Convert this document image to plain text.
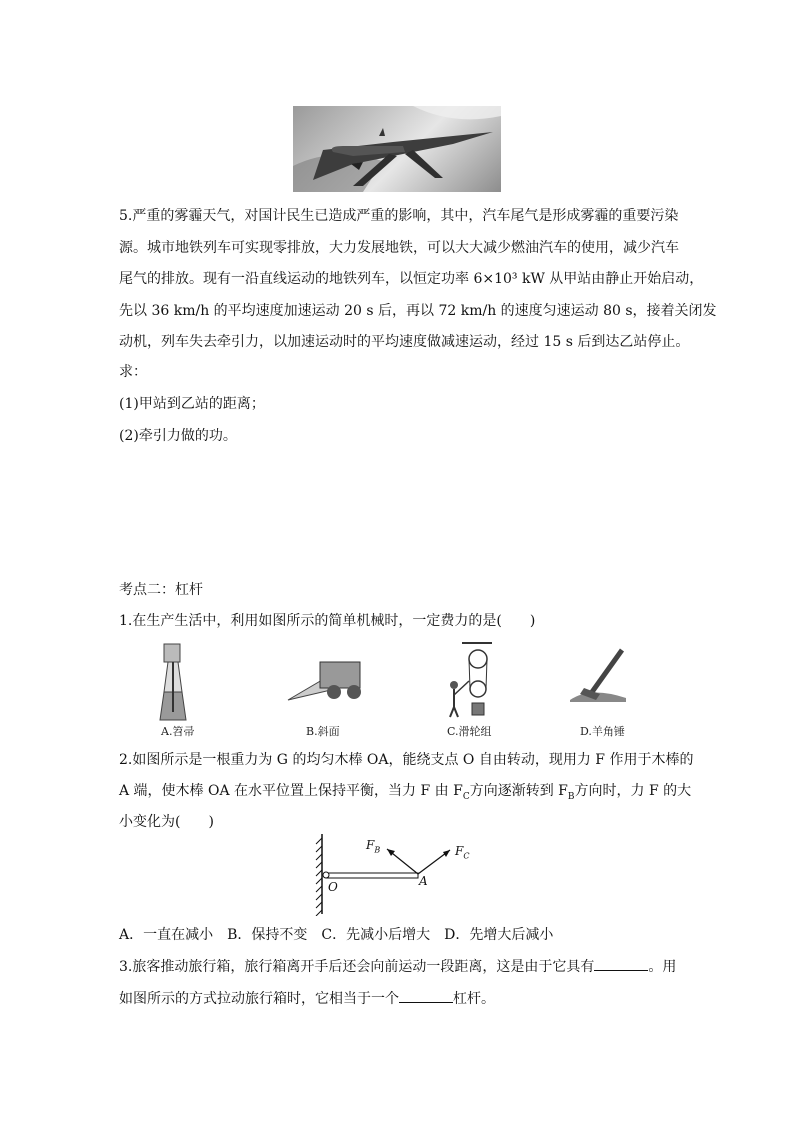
5.严重的雾霾天气，对国计民生已造成严重的影响，其中，汽车尾气是形成雾霾的重要污染
源。城市地铁列车可实现零排放，大力发展地铁，可以大大减少燃油汽车的使用，减少汽车
尾气的排放。现有一沿直线运动的地铁列车，以恒定功率 6×10³ kW 从甲站由静止开始启动，
先以 36 km/h 的平均速度加速运动 20 s 后，再以 72 km/h 的速度匀速运动 80 s，接着关闭发
动机，列车失去牵引力，以加速运动时的平均速度做减速运动，经过 15 s 后到达乙站停止。
求：
(1)甲站到乙站的距离；
(2)牵引力做的功。
考点二：杠杆
1.在生产生活中，利用如图所示的简单机械时，一定费力的是(　　)
A.笤帚	B.斜面	C.滑轮组	D.羊角锤
2.如图所示是一根重力为 G 的均匀木棒 OA，能绕支点 O 自由转动，现用力 F 作用于木棒的
A 端，使木棒 OA 在水平位置上保持平衡，当力 F 由 $F_C$方向逐渐转到 $F_B$方向时，力 F 的大
小变化为(　　)
O	A
$F_B$	$F_C$
A．一直在减小　B．保持不变　C．先减小后增大　D．先增大后减小
3.旅客推动旅行箱，旅行箱离开手后还会向前运动一段距离，这是由于它具有	。用
如图所示的方式拉动旅行箱时，它相当于一个	杠杆。
